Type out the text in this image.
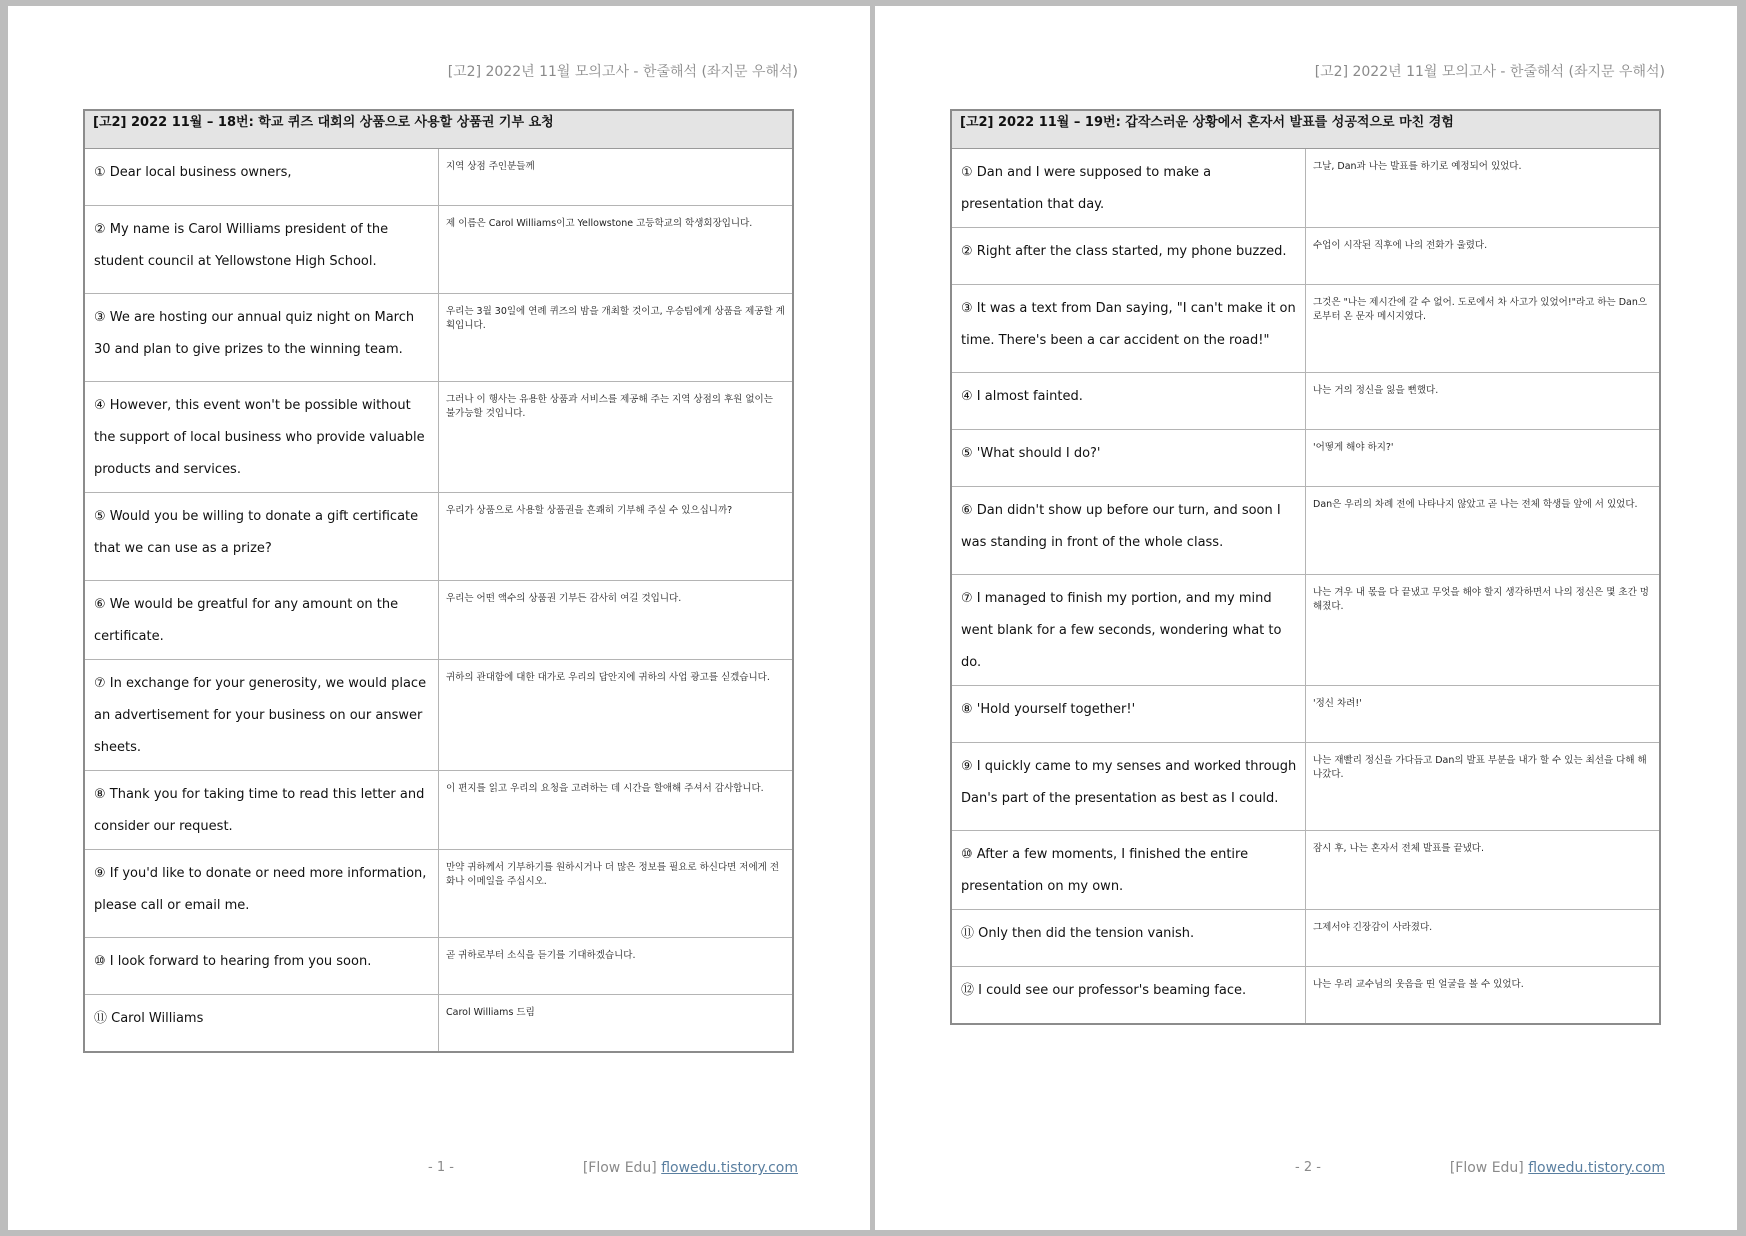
[고2] 2022년 11월 모의고사 - 한줄해석 (좌지문 우해석)
[고2] 2022 11월 – 18번: 학교 퀴즈 대회의 상품으로 사용할 상품권 기부 요청	
① Dear local business owners,	지역 상점 주인분들께
② My name is Carol Williams president of the student council at Yellowstone High School.	제 이름은 Carol Williams이고 Yellowstone 고등학교의 학생회장입니다.
③ We are hosting our annual quiz night on March 30 and plan to give prizes to the winning team.	우리는 3월 30일에 연례 퀴즈의 밤을 개최할 것이고, 우승팀에게 상품을 제공할 계획입니다.
④ However, this event won't be possible without the support of local business who provide valuable products and services.	그러나 이 행사는 유용한 상품과 서비스를 제공해 주는 지역 상점의 후원 없이는 불가능할 것입니다.
⑤ Would you be willing to donate a gift certificate that we can use as a prize?	우리가 상품으로 사용할 상품권을 흔쾌히 기부해 주실 수 있으십니까?
⑥ We would be greatful for any amount on the certificate.	우리는 어떤 액수의 상품권 기부든 감사히 여길 것입니다.
⑦ In exchange for your generosity, we would place an advertisement for your business on our answer sheets.	귀하의 관대함에 대한 대가로 우리의 답안지에 귀하의 사업 광고를 싣겠습니다.
⑧ Thank you for taking time to read this letter and consider our request.	이 편지를 읽고 우리의 요청을 고려하는 데 시간을 할애해 주셔서 감사합니다.
⑨ If you'd like to donate or need more information, please call or email me.	만약 귀하께서 기부하기를 원하시거나 더 많은 정보를 필요로 하신다면 저에게 전화나 이메일을 주십시오.
⑩ I look forward to hearing from you soon.	곧 귀하로부터 소식을 듣기를 기대하겠습니다.
⑪ Carol Williams	Carol Williams 드림
- 1 -	[Flow Edu] flowedu.tistory.com
[고2] 2022년 11월 모의고사 - 한줄해석 (좌지문 우해석)
[고2] 2022 11월 – 19번: 갑작스러운 상황에서 혼자서 발표를 성공적으로 마친 경험	
① Dan and I were supposed to make a presentation that day.	그날, Dan과 나는 발표를 하기로 예정되어 있었다.
② Right after the class started, my phone buzzed.	수업이 시작된 직후에 나의 전화가 울렸다.
③ It was a text from Dan saying, "I can't make it on time. There's been a car accident on the road!"	그것은 "나는 제시간에 갈 수 없어. 도로에서 차 사고가 있었어!"라고 하는 Dan으로부터 온 문자 메시지였다.
④ I almost fainted.	나는 거의 정신을 잃을 뻔했다.
⑤ 'What should I do?'	'어떻게 해야 하지?'
⑥ Dan didn't show up before our turn, and soon I was standing in front of the whole class.	Dan은 우리의 차례 전에 나타나지 않았고 곧 나는 전체 학생들 앞에 서 있었다.
⑦ I managed to finish my portion, and my mind went blank for a few seconds, wondering what to do.	나는 겨우 내 몫을 다 끝냈고 무엇을 해야 할지 생각하면서 나의 정신은 몇 초간 멍해졌다.
⑧ 'Hold yourself together!'	'정신 차려!'
⑨ I quickly came to my senses and worked through Dan's part of the presentation as best as I could.	나는 재빨리 정신을 가다듬고 Dan의 발표 부분을 내가 할 수 있는 최선을 다해 해 나갔다.
⑩ After a few moments, I finished the entire presentation on my own.	잠시 후, 나는 혼자서 전체 발표를 끝냈다.
⑪ Only then did the tension vanish.	그제서야 긴장감이 사라졌다.
⑫ I could see our professor's beaming face.	나는 우리 교수님의 웃음을 띤 얼굴을 볼 수 있었다.
- 2 -	[Flow Edu] flowedu.tistory.com
